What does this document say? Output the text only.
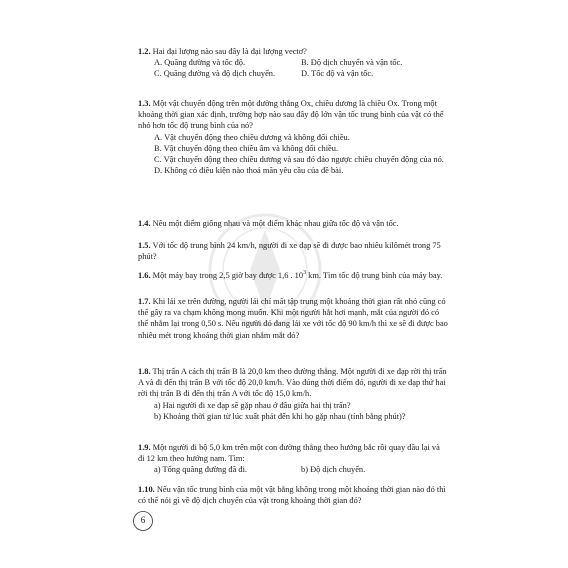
1.2. Hai đại lượng nào sau đây là đại lượng vectơ?

A. Quãng đường và tốc độ.	B. Độ dịch chuyển và vận tốc.
C. Quãng đường và độ dịch chuyển.	D. Tốc độ và vận tốc.

1.3. Một vật chuyển động trên một đường thẳng Ox, chiều dương là chiều Ox. Trong một khoảng thời gian xác định, trường hợp nào sau đây độ lớn vận tốc trung bình của vật có thể nhỏ hơn tốc độ trung bình của nó?

A. Vật chuyển động theo chiều dương và không đổi chiều.

B. Vật chuyển động theo chiều âm và không đổi chiều.

C. Vật chuyển động theo chiều dương và sau đó đảo ngược chiều chuyển động của nó.

D. Không có điều kiện nào thoả mãn yêu cầu của đề bài.

1.4. Nêu một điểm giống nhau và một điểm khác nhau giữa tốc độ và vận tốc.

1.5. Với tốc độ trung bình 24 km/h, người đi xe đạp sẽ đi được bao nhiêu kilômét trong 75 phút?

1.6. Một máy bay trong 2,5 giờ bay được 1,6 . $10^3$ km. Tìm tốc độ trung bình của máy bay.

1.7. Khi lái xe trên đường, người lái chỉ mất tập trung một khoảng thời gian rất nhỏ cũng có thể gây ra va chạm không mong muốn. Khi một người hắt hơi mạnh, mắt của người đó có thể nhắm lại trong 0,50 s. Nếu người đó đang lái xe với tốc độ 90 km/h thì xe sẽ đi được bao nhiêu mét trong khoảng thời gian nhắm mắt đó?

1.8. Thị trấn A cách thị trấn B là 20,0 km theo đường thẳng. Một người đi xe đạp rời thị trấn A và đi đến thị trấn B với tốc độ 20,0 km/h. Vào đúng thời điểm đó, người đi xe đạp thứ hai rời thị trấn B đi đến thị trấn A với tốc độ 15,0 km/h.

a) Hai người đi xe đạp sẽ gặp nhau ở đâu giữa hai thị trấn?

b) Khoảng thời gian từ lúc xuất phát đến khi họ gặp nhau (tính bằng phút)?

1.9. Một người đi bộ 5,0 km trên một con đường thẳng theo hướng bắc rồi quay đầu lại và đi 12 km theo hướng nam. Tìm:

a) Tổng quãng đường đã đi.	b) Độ dịch chuyển.

1.10. Nếu vận tốc trung bình của một vật bằng không trong một khoảng thời gian nào đó thì có thể nói gì về độ dịch chuyển của vật trong khoảng thời gian đó?

6
